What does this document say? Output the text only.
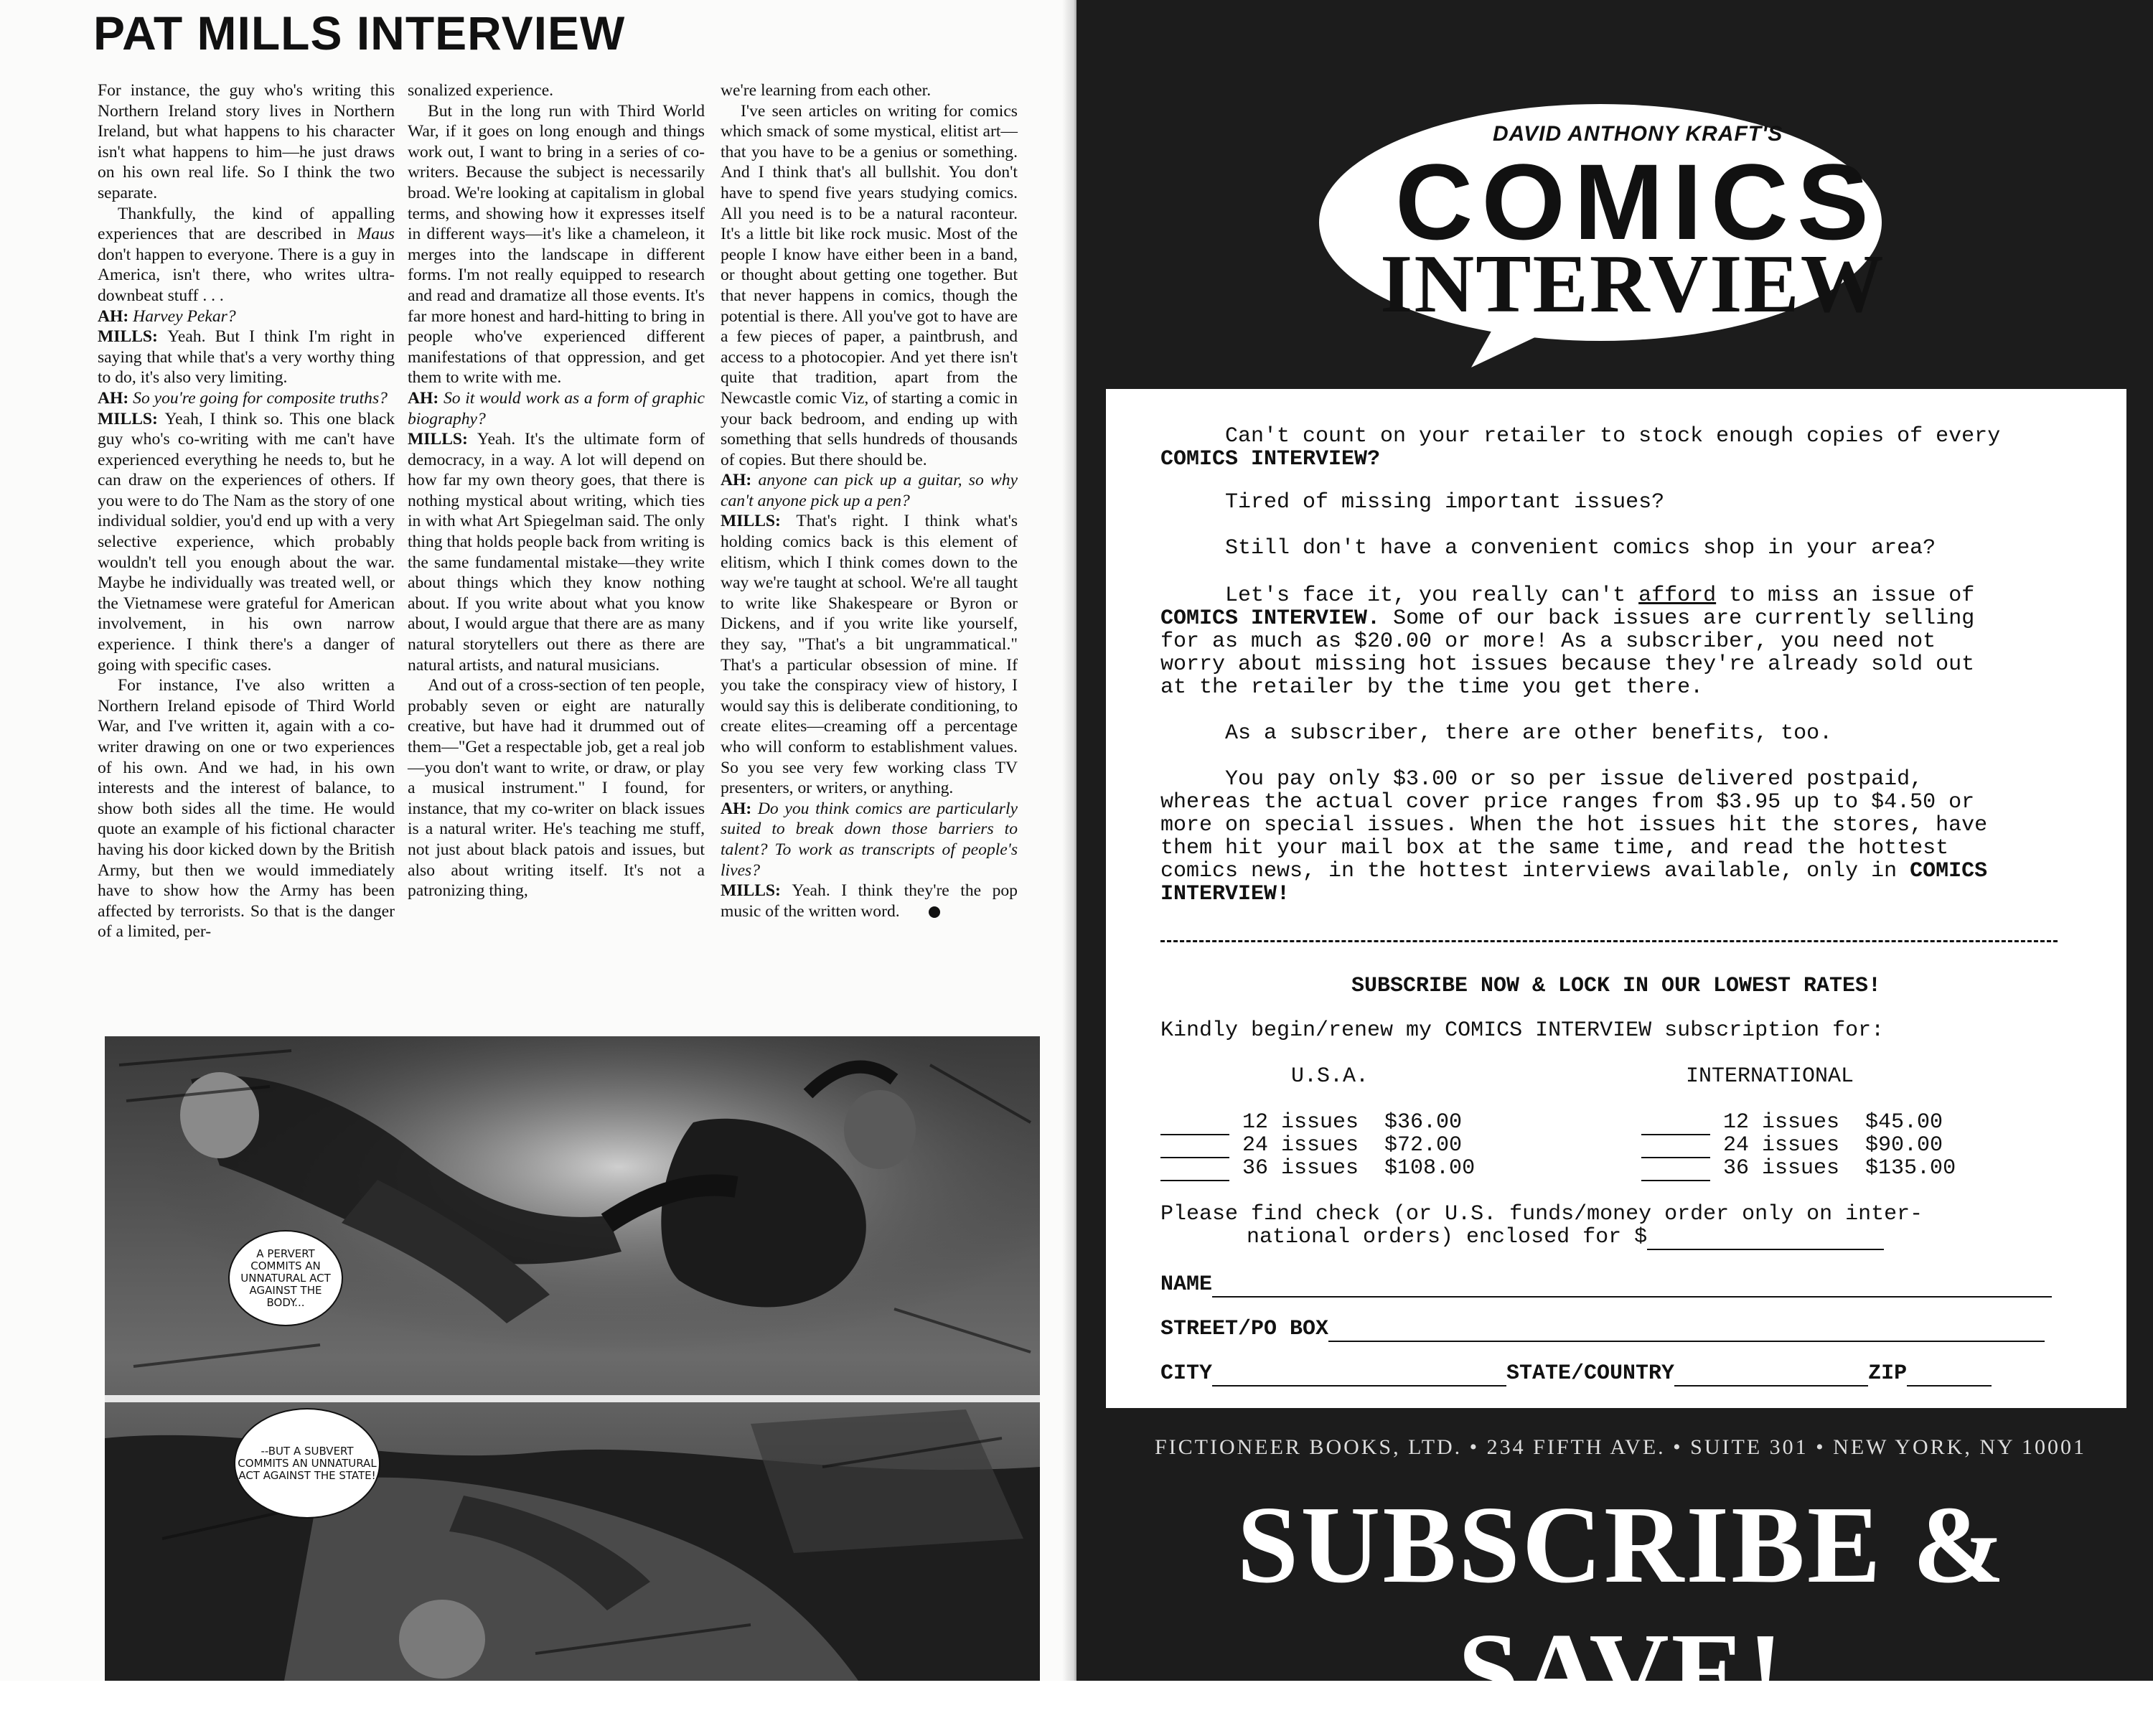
PAT MILLS INTERVIEW

For instance, the guy who's writing this Northern Ireland story lives in Northern Ireland, but what happens to his character isn't what happens to him—he just draws on his own real life. So I think the two separate.

Thankfully, the kind of appalling experiences that are described in Maus don't happen to everyone. There is a guy in America, isn't there, who writes ultra-downbeat stuff . . .

AH: Harvey Pekar?

MILLS: Yeah. But I think I'm right in saying that while that's a very worthy thing to do, it's also very limiting.

AH: So you're going for composite truths?

MILLS: Yeah, I think so. This one black guy who's co-writing with me can't have experienced everything he needs to, but he can draw on the experiences of others. If you were to do The Nam as the story of one individual soldier, you'd end up with a very selective experience, which probably wouldn't tell you enough about the war. Maybe he individually was treated well, or the Vietnamese were grateful for American involvement, in his own narrow experience. I think there's a danger of going with specific cases.

For instance, I've also written a Northern Ireland episode of Third World War, and I've written it, again with a co-writer drawing on one or two experiences of his own. And we had, in his own interests and the interest of balance, to show both sides all the time. He would quote an example of his fictional character having his door kicked down by the British Army, but then we would immediately have to show how the Army has been affected by terrorists. So that is the danger of a limited, per-

sonalized experience.

But in the long run with Third World War, if it goes on long enough and things work out, I want to bring in a series of co-writers. Because the subject is necessarily broad. We're looking at capitalism in global terms, and showing how it expresses itself in different ways—it's like a chameleon, it merges into the landscape in different forms. I'm not really equipped to research and read and dramatize all those events. It's far more honest and hard-hitting to bring in people who've experienced different manifestations of that oppression, and get them to write with me.

AH: So it would work as a form of graphic biography?

MILLS: Yeah. It's the ultimate form of democracy, in a way. A lot will depend on how far my own theory goes, that there is nothing mystical about writing, which ties in with what Art Spiegelman said. The only thing that holds people back from writing is the same fundamental mistake—they write about things which they know nothing about. If you write about what you know about, I would argue that there are as many natural storytellers out there as there are natural artists, and natural musicians.

And out of a cross-section of ten people, probably seven or eight are naturally creative, but have had it drummed out of them—"Get a respectable job, get a real job—you don't want to write, or draw, or play a musical instrument." I found, for instance, that my co-writer on black issues is a natural writer. He's teaching me stuff, not just about black patois and issues, but also about writing itself. It's not a patronizing thing,

we're learning from each other.

I've seen articles on writing for comics which smack of some mystical, elitist art—that you have to be a genius or something. And I think that's all bullshit. You don't have to spend five years studying comics. All you need is to be a natural raconteur. It's a little bit like rock music. Most of the people I know have either been in a band, or thought about getting one together. But that never happens in comics, though the potential is there. All you've got to have are a few pieces of paper, a paintbrush, and access to a photocopier. And yet there isn't quite that tradition, apart from the Newcastle comic Viz, of starting a comic in your back bedroom, and ending up with something that sells hundreds of thousands of copies. But there should be.

AH: anyone can pick up a guitar, so why can't anyone pick up a pen?

MILLS: That's right. I think what's holding comics back is this element of elitism, which I think comes down to the way we're taught at school. We're all taught to write like Shakespeare or Byron or Dickens, and if you write like yourself, they say, "That's a bit ungrammatical." That's a particular obsession of mine. If you take the conspiracy view of history, I would say this is deliberate conditioning, to create elites—creaming off a percentage who will conform to establishment values. So you see very few working class TV presenters, or writers, or anything.

AH: Do you think comics are particularly suited to break down those barriers to talent? To work as transcripts of people's lives?

MILLS: Yeah. I think they're the pop music of the written word.

A PERVERT COMMITS AN UNNATURAL ACT AGAINST THE BODY...
--BUT A SUBVERT COMMITS AN UNNATURAL ACT AGAINST THE STATE!
DAVID ANTHONY KRAFT'S
COMICS
INTERVIEW
Can't count on your retailer to stock enough copies of every
COMICS INTERVIEW?
Tired of missing important issues?
Still don't have a convenient comics shop in your area?
Let's face it, you really can't afford to miss an issue of
COMICS INTERVIEW. Some of our back issues are currently selling
for as much as $20.00 or more! As a subscriber, you need not
worry about missing hot issues because they're already sold out
at the retailer by the time you get there.
As a subscriber, there are other benefits, too.
You pay only $3.00 or so per issue delivered postpaid,
whereas the actual cover price ranges from $3.95 up to $4.50 or
more on special issues. When the hot issues hit the stores, have
them hit your mail box at the same time, and read the hottest
comics news, in the hottest interviews available, only in COMICS
INTERVIEW!
SUBSCRIBE NOW & LOCK IN OUR LOWEST RATES!
Kindly begin/renew my COMICS INTERVIEW subscription for:
U.S.A.	INTERNATIONAL
12 issues  $36.00
24 issues  $72.00
36 issues  $108.00
12 issues  $45.00
24 issues  $90.00
36 issues  $135.00
Please find check (or U.S. funds/money order only on inter-
national orders) enclosed for $
NAME
STREET/PO BOX
CITY	STATE/COUNTRY	ZIP
FICTIONEER BOOKS, LTD. • 234 FIFTH AVE. • SUITE 301 • NEW YORK, NY 10001
SUBSCRIBE & SAVE!
